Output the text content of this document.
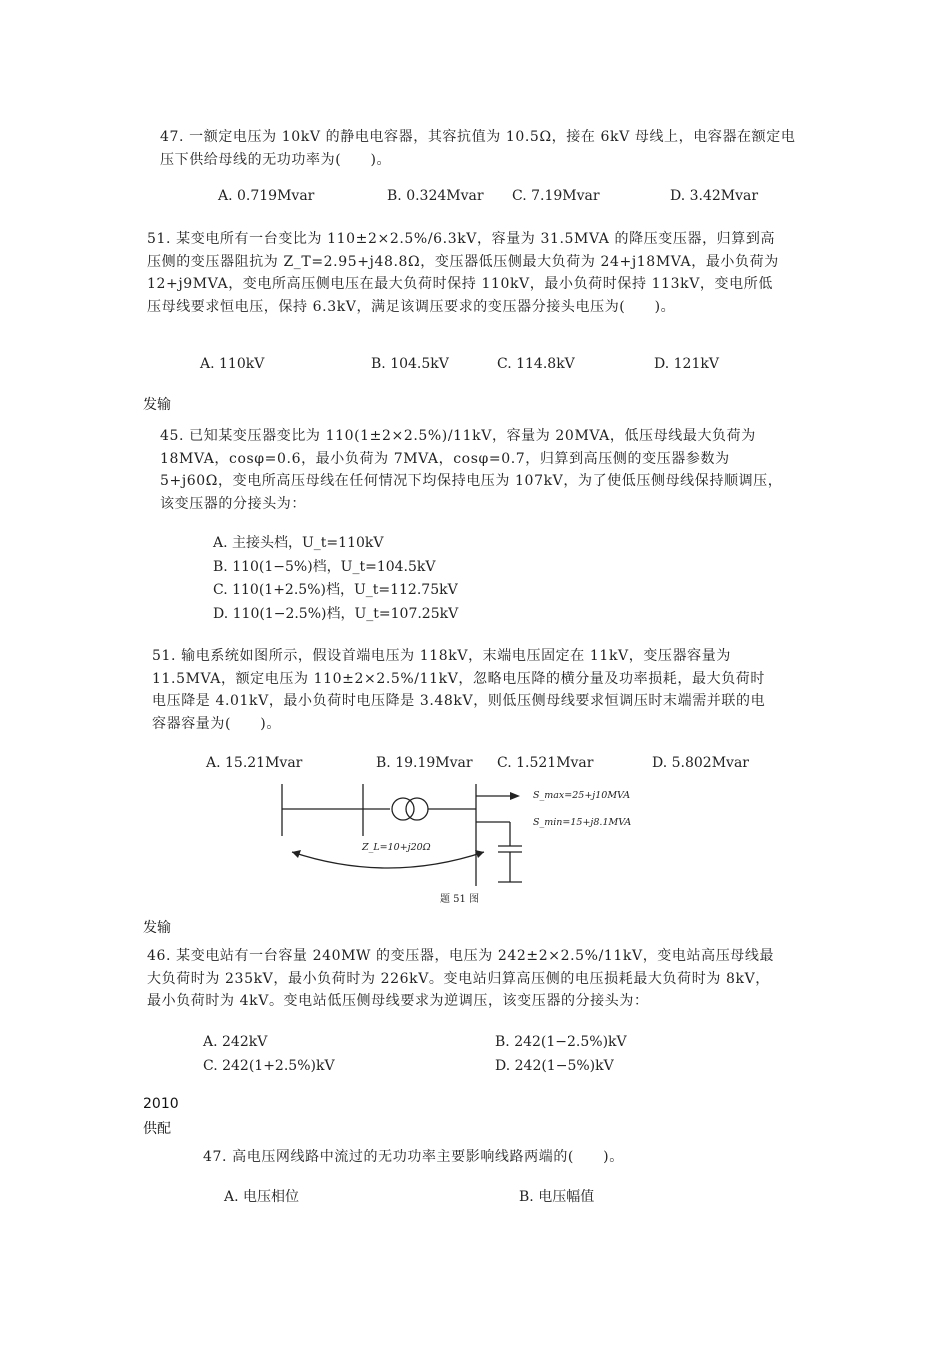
47. 一额定电压为 10kV 的静电电容器，其容抗值为 10.5Ω，接在 6kV 母线上，电容器在额定电压下供给母线的无功功率为(　　)。
A. 0.719Mvar	B. 0.324Mvar C. 7.19Mvar	D. 3.42Mvar
51. 某变电所有一台变比为 110±2×2.5%/6.3kV，容量为 31.5MVA 的降压变压器，归算到高压侧的变压器阻抗为 Z_T=2.95+j48.8Ω，变压器低压侧最大负荷为 24+j18MVA，最小负荷为 12+j9MVA，变电所高压侧电压在最大负荷时保持 110kV，最小负荷时保持 113kV，变电所低压母线要求恒电压，保持 6.3kV，满足该调压要求的变压器分接头电压为(　　)。
A. 110kV	B. 104.5kV	C. 114.8kV	D. 121kV
发输
45. 已知某变压器变比为 110(1±2×2.5%)/11kV，容量为 20MVA，低压母线最大负荷为 18MVA，cosφ=0.6，最小负荷为 7MVA，cosφ=0.7，归算到高压侧的变压器参数为 5+j60Ω，变电所高压母线在任何情况下均保持电压为 107kV，为了使低压侧母线保持顺调压，该变压器的分接头为：
A. 主接头档，U_t=110kV
B. 110(1−5%)档，U_t=104.5kV
C. 110(1+2.5%)档，U_t=112.75kV
D. 110(1−2.5%)档，U_t=107.25kV
51. 输电系统如图所示，假设首端电压为 118kV，末端电压固定在 11kV，变压器容量为 11.5MVA，额定电压为 110±2×2.5%/11kV，忽略电压降的横分量及功率损耗，最大负荷时电压降是 4.01kV，最小负荷时电压降是 3.48kV，则低压侧母线要求恒调压时末端需并联的电容器容量为(　　)。
A. 15.21Mvar	B. 19.19Mvar C. 1.521Mvar	D. 5.802Mvar
S_max=25+j10MVA
S_min=15+j8.1MVA
Z_L=10+j20Ω
题 51 图
发输
46. 某变电站有一台容量 240MW 的变压器，电压为 242±2×2.5%/11kV，变电站高压母线最大负荷时为 235kV，最小负荷时为 226kV。变电站归算高压侧的电压损耗最大负荷时为 8kV，最小负荷时为 4kV。变电站低压侧母线要求为逆调压，该变压器的分接头为：
A. 242kV	B. 242(1−2.5%)kV
C. 242(1+2.5%)kV	D. 242(1−5%)kV
2010
供配
47. 高电压网线路中流过的无功功率主要影响线路两端的(　　)。
A. 电压相位	B. 电压幅值
